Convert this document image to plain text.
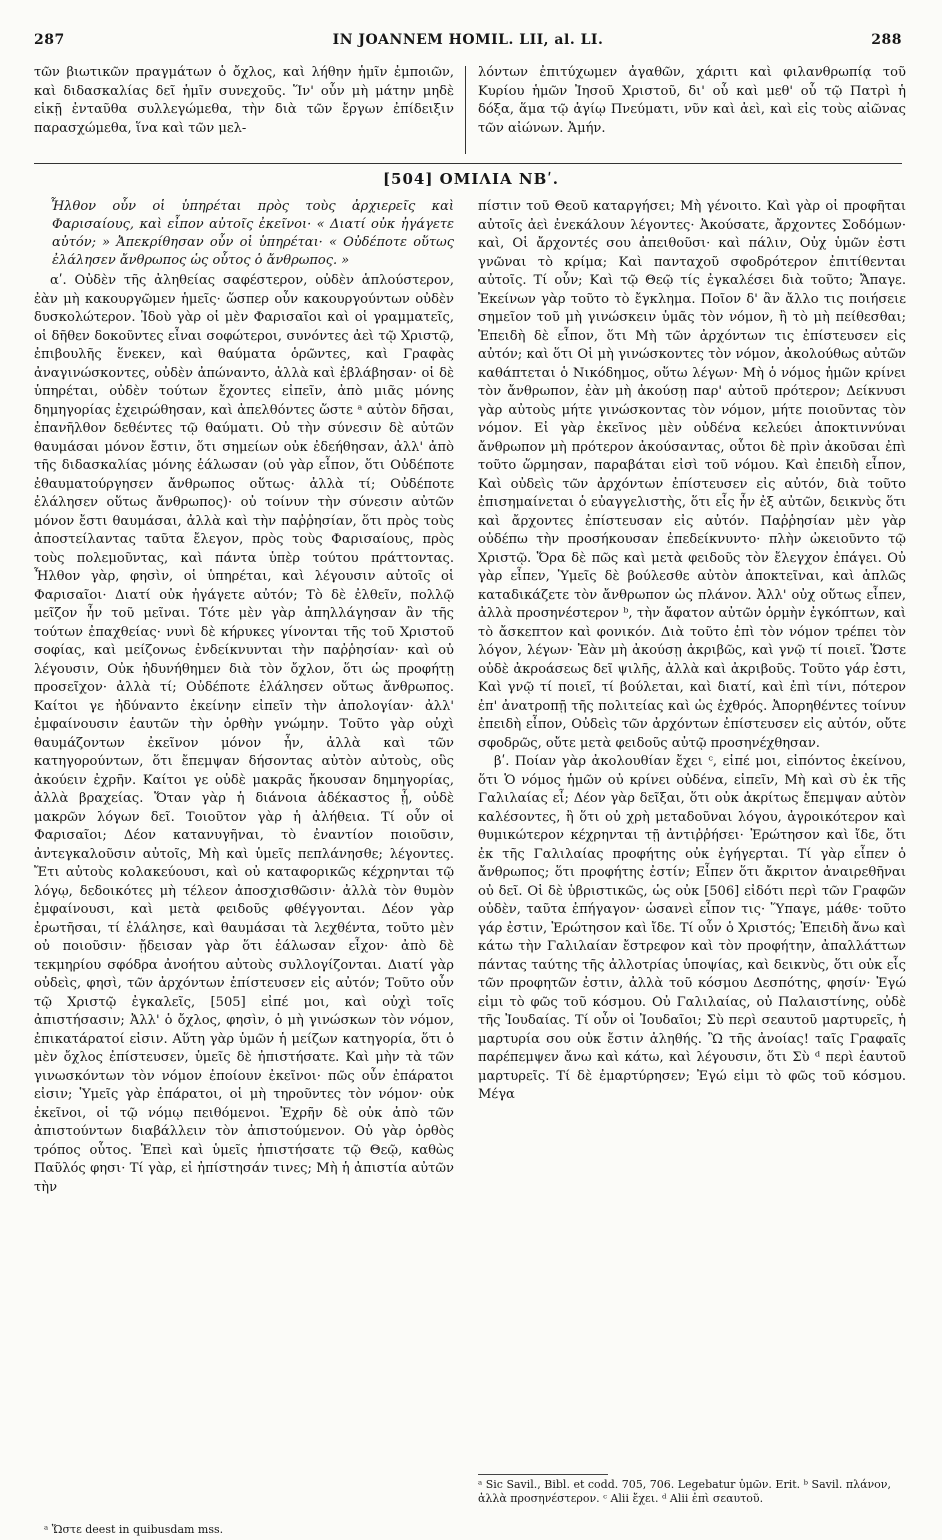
287	IN JOANNEM HOMIL. LII, al. LI.	288

τῶν βιωτικῶν πραγμάτων ὁ ὄχλος, καὶ λήθην ἡμῖν ἐμποιῶν, καὶ διδασκαλίας δεῖ ἡμῖν συνεχοῦς. Ἵν' οὖν μὴ μάτην μηδὲ εἰκῇ ἐνταῦθα συλλεγώμεθα, τὴν διὰ τῶν ἔργων ἐπίδειξιν παρασχώμεθα, ἵνα καὶ τῶν μελ-

λόντων ἐπιτύχωμεν ἀγαθῶν, χάριτι καὶ φιλανθρωπίᾳ τοῦ Κυρίου ἡμῶν Ἰησοῦ Χριστοῦ, δι' οὗ καὶ μεθ' οὗ τῷ Πατρὶ ἡ δόξα, ἅμα τῷ ἁγίῳ Πνεύματι, νῦν καὶ ἀεὶ, καὶ εἰς τοὺς αἰῶνας τῶν αἰώνων. Ἀμήν.

[504] ΟΜΙΛΙΑ ΝΒʹ.

Ἦλθον οὖν οἱ ὑπηρέται πρὸς τοὺς ἀρχιερεῖς καὶ Φαρισαίους, καὶ εἶπον αὐτοῖς ἐκεῖνοι· « Διατί οὐκ ἠγάγετε αὐτόν; » Ἀπεκρίθησαν οὖν οἱ ὑπηρέται· « Οὐδέποτε οὕτως ἐλάλησεν ἄνθρωπος ὡς οὗτος ὁ ἄνθρωπος. »

αʹ. Οὐδὲν τῆς ἀληθείας σαφέστερον, οὐδὲν ἁπλούστερον, ἐὰν μὴ κακουργῶμεν ἡμεῖς· ὥσπερ οὖν κακουργούντων οὐδὲν δυσκολώτερον. Ἰδοὺ γὰρ οἱ μὲν Φαρισαῖοι καὶ οἱ γραμματεῖς, οἱ δῆθεν δοκοῦντες εἶναι σοφώτεροι, συνόντες ἀεὶ τῷ Χριστῷ, ἐπιβουλῆς ἕνεκεν, καὶ θαύματα ὁρῶντες, καὶ Γραφὰς ἀναγινώσκοντες, οὐδὲν ἀπώναντο, ἀλλὰ καὶ ἐβλάβησαν· οἱ δὲ ὑπηρέται, οὐδὲν τούτων ἔχοντες εἰπεῖν, ἀπὸ μιᾶς μόνης δημηγορίας ἐχειρώθησαν, καὶ ἀπελθόντες ὥστε ᵃ αὐτὸν δῆσαι, ἐπανῆλθον δεθέντες τῷ θαύματι. Οὐ τὴν σύνεσιν δὲ αὐτῶν θαυμάσαι μόνον ἔστιν, ὅτι σημείων οὐκ ἐδεήθησαν, ἀλλ' ἀπὸ τῆς διδασκαλίας μόνης ἑάλωσαν (οὐ γὰρ εἶπον, ὅτι Οὐδέποτε ἐθαυματούργησεν ἄνθρωπος οὕτως· ἀλλὰ τί; Οὐδέποτε ἐλάλησεν οὕτως ἄνθρωπος)· οὐ τοίνυν τὴν σύνεσιν αὐτῶν μόνον ἔστι θαυμάσαι, ἀλλὰ καὶ τὴν παῤῥησίαν, ὅτι πρὸς τοὺς ἀποστείλαντας ταῦτα ἔλεγον, πρὸς τοὺς Φαρισαίους, πρὸς τοὺς πολεμοῦντας, καὶ πάντα ὑπὲρ τούτου πράττοντας. Ἦλθον γὰρ, φησὶν, οἱ ὑπηρέται, καὶ λέγουσιν αὐτοῖς οἱ Φαρισαῖοι· Διατί οὐκ ἠγάγετε αὐτόν; Τὸ δὲ ἐλθεῖν, πολλῷ μεῖζον ἦν τοῦ μεῖναι. Τότε μὲν γὰρ ἀπηλλάγησαν ἂν τῆς τούτων ἐπαχθείας· νυνὶ δὲ κήρυκες γίνονται τῆς τοῦ Χριστοῦ σοφίας, καὶ μείζονως ἐνδείκνυνται τὴν παῤῥησίαν· καὶ οὐ λέγουσιν, Οὐκ ἠδυνήθημεν διὰ τὸν ὄχλον, ὅτι ὡς προφήτῃ προσεῖχον· ἀλλὰ τί; Οὐδέποτε ἐλάλησεν οὕτως ἄνθρωπος. Καίτοι γε ἠδύναντο ἐκείνην εἰπεῖν τὴν ἀπολογίαν· ἀλλ' ἐμφαίνουσιν ἑαυτῶν τὴν ὀρθὴν γνώμην. Τοῦτο γὰρ οὐχὶ θαυμάζοντων ἐκεῖνον μόνον ἦν, ἀλλὰ καὶ τῶν κατηγορούντων, ὅτι ἔπεμψαν δήσοντας αὐτὸν αὐτοὺς, οὓς ἀκούειν ἐχρῆν. Καίτοι γε οὐδὲ μακρᾶς ἤκουσαν δημηγορίας, ἀλλὰ βραχείας. Ὅταν γὰρ ἡ διάνοια ἀδέκαστος ᾖ, οὐδὲ μακρῶν λόγων δεῖ. Τοιοῦτον γὰρ ἡ ἀλήθεια. Τί οὖν οἱ Φαρισαῖοι; Δέον κατανυγῆναι, τὸ ἐναντίον ποιοῦσιν, ἀντεγκαλοῦσιν αὐτοῖς, Μὴ καὶ ὑμεῖς πεπλάνησθε; λέγοντες. Ἔτι αὐτοὺς κολακεύουσι, καὶ οὐ καταφορικῶς κέχρηνται τῷ λόγῳ, δεδοικότες μὴ τέλεον ἀποσχισθῶσιν· ἀλλὰ τὸν θυμὸν ἐμφαίνουσι, καὶ μετὰ φειδοῦς φθέγγονται. Δέον γὰρ ἐρωτῆσαι, τί ἐλάλησε, καὶ θαυμάσαι τὰ λεχθέντα, τοῦτο μὲν οὐ ποιοῦσιν· ᾔδεισαν γὰρ ὅτι ἑάλωσαν εἶχον· ἀπὸ δὲ τεκμηρίου σφόδρα ἀνοήτου αὐτοὺς συλλογίζονται. Διατί γὰρ οὐδεὶς, φησὶ, τῶν ἀρχόντων ἐπίστευσεν εἰς αὐτόν; Τοῦτο οὖν τῷ Χριστῷ ἐγκαλεῖς, [505] εἰπέ μοι, καὶ οὐχὶ τοῖς ἀπιστήσασιν; Ἀλλ' ὁ ὄχλος, φησὶν, ὁ μὴ γινώσκων τὸν νόμον, ἐπικατάρατοί εἰσιν. Αὕτη γὰρ ὑμῶν ἡ μείζων κατηγορία, ὅτι ὁ μὲν ὄχλος ἐπίστευσεν, ὑμεῖς δὲ ἠπιστήσατε. Καὶ μὴν τὰ τῶν γινωσκόντων τὸν νόμον ἐποίουν ἐκεῖνοι· πῶς οὖν ἐπάρατοι εἰσιν; Ὑμεῖς γὰρ ἐπάρατοι, οἱ μὴ τηροῦντες τὸν νόμον· οὐκ ἐκεῖνοι, οἱ τῷ νόμῳ πειθόμενοι. Ἐχρῆν δὲ οὐκ ἀπὸ τῶν ἀπιστούντων διαβάλλειν τὸν ἀπιστούμενον. Οὐ γὰρ ὀρθὸς τρόπος οὗτος. Ἐπεὶ καὶ ὑμεῖς ἠπιστήσατε τῷ Θεῷ, καθὼς Παῦλός φησι· Τί γὰρ, εἰ ἠπίστησάν τινες; Μὴ ἡ ἀπιστία αὐτῶν τὴν

πίστιν τοῦ Θεοῦ καταργήσει; Μὴ γένοιτο. Καὶ γὰρ οἱ προφῆται αὐτοῖς ἀεὶ ἐνεκάλουν λέγοντες· Ἀκούσατε, ἄρχοντες Σοδόμων· καὶ, Οἱ ἄρχοντές σου ἀπειθοῦσι· καὶ πάλιν, Οὐχ ὑμῶν ἐστι γνῶναι τὸ κρίμα; Καὶ πανταχοῦ σφοδρότερον ἐπιτίθενται αὐτοῖς. Τί οὖν; Καὶ τῷ Θεῷ τίς ἐγκαλέσει διὰ τοῦτο; Ἄπαγε. Ἐκείνων γὰρ τοῦτο τὸ ἔγκλημα. Ποῖον δ' ἂν ἄλλο τις ποιήσειε σημεῖον τοῦ μὴ γινώσκειν ὑμᾶς τὸν νόμον, ἢ τὸ μὴ πείθεσθαι; Ἐπειδὴ δὲ εἶπον, ὅτι Μὴ τῶν ἀρχόντων τις ἐπίστευσεν εἰς αὐτόν; καὶ ὅτι Οἱ μὴ γινώσκοντες τὸν νόμον, ἀκολούθως αὐτῶν καθάπτεται ὁ Νικόδημος, οὕτω λέγων· Μὴ ὁ νόμος ἡμῶν κρίνει τὸν ἄνθρωπον, ἐὰν μὴ ἀκούσῃ παρ' αὐτοῦ πρότερον; Δείκνυσι γὰρ αὐτοὺς μήτε γινώσκοντας τὸν νόμον, μήτε ποιοῦντας τὸν νόμον. Εἰ γὰρ ἐκεῖνος μὲν οὐδένα κελεύει ἀποκτιννύναι ἄνθρωπον μὴ πρότερον ἀκούσαντας, οὗτοι δὲ πρὶν ἀκοῦσαι ἐπὶ τοῦτο ὥρμησαν, παραβάται εἰσὶ τοῦ νόμου. Καὶ ἐπειδὴ εἶπον, Καὶ οὐδεὶς τῶν ἀρχόντων ἐπίστευσεν εἰς αὐτόν, διὰ τοῦτο ἐπισημαίνεται ὁ εὐαγγελιστὴς, ὅτι εἷς ἦν ἐξ αὐτῶν, δεικνὺς ὅτι καὶ ἄρχοντες ἐπίστευσαν εἰς αὐτόν. Παῤῥησίαν μὲν γὰρ οὐδέπω τὴν προσήκουσαν ἐπεδείκνυντο· πλὴν ὠκειοῦντο τῷ Χριστῷ. Ὅρα δὲ πῶς καὶ μετὰ φειδοῦς τὸν ἔλεγχον ἐπάγει. Οὐ γὰρ εἶπεν, Ὑμεῖς δὲ βούλεσθε αὐτὸν ἀποκτεῖναι, καὶ ἁπλῶς καταδικάζετε τὸν ἄνθρωπον ὡς πλάνον. Ἀλλ' οὐχ οὕτως εἶπεν, ἀλλὰ προσηνέστερον ᵇ, τὴν ἄφατον αὐτῶν ὁρμὴν ἐγκόπτων, καὶ τὸ ἄσκεπτον καὶ φονικόν. Διὰ τοῦτο ἐπὶ τὸν νόμον τρέπει τὸν λόγον, λέγων· Ἐὰν μὴ ἀκούσῃ ἀκριβῶς, καὶ γνῷ τί ποιεῖ. Ὥστε οὐδὲ ἀκροάσεως δεῖ ψιλῆς, ἀλλὰ καὶ ἀκριβοῦς. Τοῦτο γάρ ἐστι, Καὶ γνῷ τί ποιεῖ, τί βούλεται, καὶ διατί, καὶ ἐπὶ τίνι, πότερον ἐπ' ἀνατροπῇ τῆς πολιτείας καὶ ὡς ἐχθρός. Ἀπορηθέντες τοίνυν ἐπειδὴ εἶπον, Οὐδεὶς τῶν ἀρχόντων ἐπίστευσεν εἰς αὐτόν, οὔτε σφοδρῶς, οὔτε μετὰ φειδοῦς αὐτῷ προσηνέχθησαν.

βʹ. Ποίαν γὰρ ἀκολουθίαν ἔχει ᶜ, εἰπέ μοι, εἰπόντος ἐκείνου, ὅτι Ὁ νόμος ἡμῶν οὐ κρίνει οὐδένα, εἰπεῖν, Μὴ καὶ σὺ ἐκ τῆς Γαλιλαίας εἶ; Δέον γὰρ δεῖξαι, ὅτι οὐκ ἀκρίτως ἔπεμψαν αὐτὸν καλέσοντες, ἢ ὅτι οὐ χρὴ μεταδοῦναι λόγου, ἀγροικότερον καὶ θυμικώτερον κέχρηνται τῇ ἀντιῤῥήσει· Ἐρώτησον καὶ ἴδε, ὅτι ἐκ τῆς Γαλιλαίας προφήτης οὐκ ἐγήγερται. Τί γὰρ εἶπεν ὁ ἄνθρωπος; ὅτι προφήτης ἐστίν; Εἶπεν ὅτι ἄκριτον ἀναιρεθῆναι οὐ δεῖ. Οἱ δὲ ὑβριστικῶς, ὡς οὐκ [506] εἰδότι περὶ τῶν Γραφῶν οὐδὲν, ταῦτα ἐπήγαγον· ὡσανεὶ εἶπον τις· Ὕπαγε, μάθε· τοῦτο γάρ ἐστιν, Ἐρώτησον καὶ ἴδε. Τί οὖν ὁ Χριστός; Ἐπειδὴ ἄνω καὶ κάτω τὴν Γαλιλαίαν ἔστρεφον καὶ τὸν προφήτην, ἀπαλλάττων πάντας ταύτης τῆς ἀλλοτρίας ὑποψίας, καὶ δεικνὺς, ὅτι οὐκ εἷς τῶν προφητῶν ἐστιν, ἀλλὰ τοῦ κόσμου Δεσπότης, φησίν· Ἐγώ εἰμι τὸ φῶς τοῦ κόσμου. Οὐ Γαλιλαίας, οὐ Παλαιστίνης, οὐδὲ τῆς Ἰουδαίας. Τί οὖν οἱ Ἰουδαῖοι; Σὺ περὶ σεαυτοῦ μαρτυρεῖς, ἡ μαρτυρία σου οὐκ ἔστιν ἀληθής. Ὢ τῆς ἀνοίας! ταῖς Γραφαῖς παρέπεμψεν ἄνω καὶ κάτω, καὶ λέγουσιν, ὅτι Σὺ ᵈ περὶ ἑαυτοῦ μαρτυρεῖς. Τί δὲ ἐμαρτύρησεν; Ἐγώ εἰμι τὸ φῶς τοῦ κόσμου. Μέγα

ᵃ Sic Savil., Bibl. et codd. 705, 706. Legebatur ὑμῶν. Erit. ᵇ Savil. πλάνον, ἀλλὰ προσηνέστερον. ᶜ Alii ἔχει. ᵈ Alii ἐπὶ σεαυτοῦ.
ᵃ Ὥστε deest in quibusdam mss.
